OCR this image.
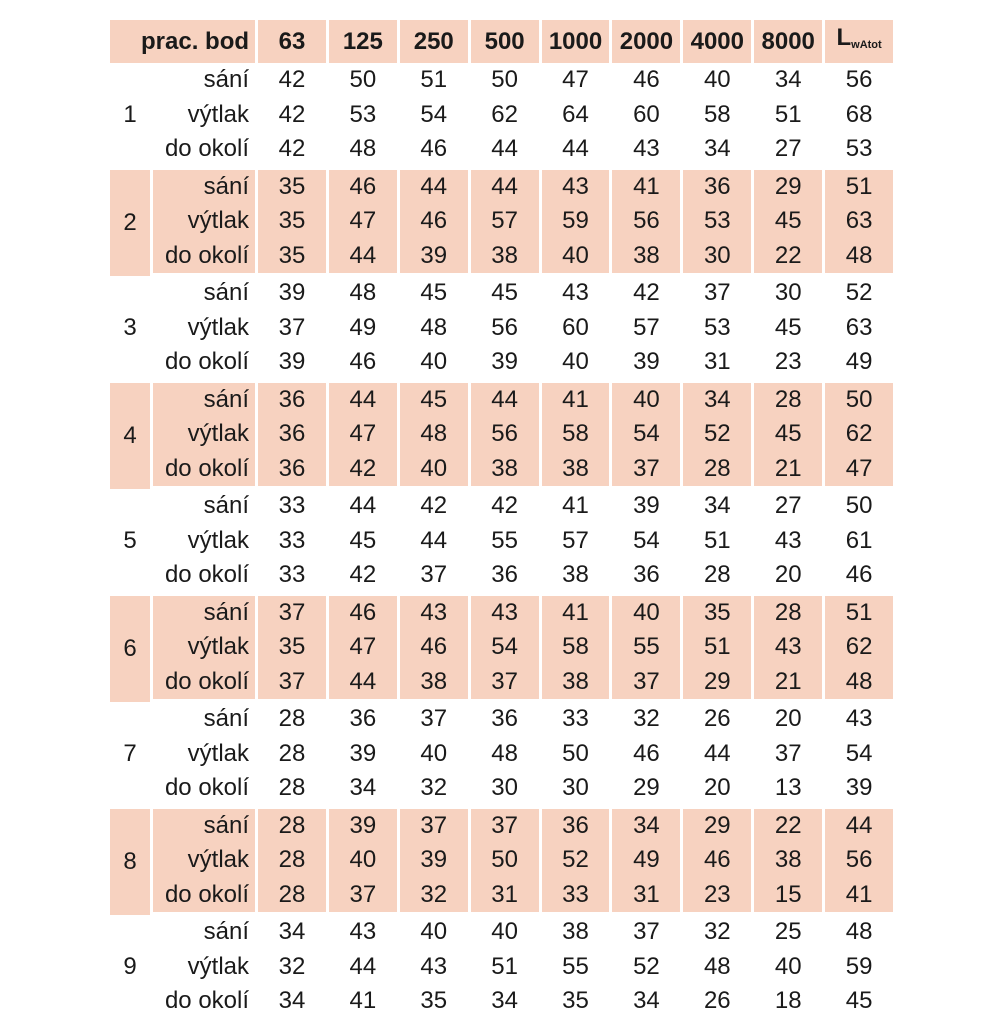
prac. bod		63	125	250	500	1000	2000	4000	8000	$L_{wAtot}$
1	sání	42	50	51	50	47	46	40	34	56
	výtlak	42	53	54	62	64	60	58	51	68
	do okolí	42	48	46	44	44	43	34	27	53
2	sání	35	46	44	44	43	41	36	29	51
	výtlak	35	47	46	57	59	56	53	45	63
	do okolí	35	44	39	38	40	38	30	22	48
3	sání	39	48	45	45	43	42	37	30	52
	výtlak	37	49	48	56	60	57	53	45	63
	do okolí	39	46	40	39	40	39	31	23	49
4	sání	36	44	45	44	41	40	34	28	50
	výtlak	36	47	48	56	58	54	52	45	62
	do okolí	36	42	40	38	38	37	28	21	47
5	sání	33	44	42	42	41	39	34	27	50
	výtlak	33	45	44	55	57	54	51	43	61
	do okolí	33	42	37	36	38	36	28	20	46
6	sání	37	46	43	43	41	40	35	28	51
	výtlak	35	47	46	54	58	55	51	43	62
	do okolí	37	44	38	37	38	37	29	21	48
7	sání	28	36	37	36	33	32	26	20	43
	výtlak	28	39	40	48	50	46	44	37	54
	do okolí	28	34	32	30	30	29	20	13	39
8	sání	28	39	37	37	36	34	29	22	44
	výtlak	28	40	39	50	52	49	46	38	56
	do okolí	28	37	32	31	33	31	23	15	41
9	sání	34	43	40	40	38	37	32	25	48
	výtlak	32	44	43	51	55	52	48	40	59
	do okolí	34	41	35	34	35	34	26	18	45
